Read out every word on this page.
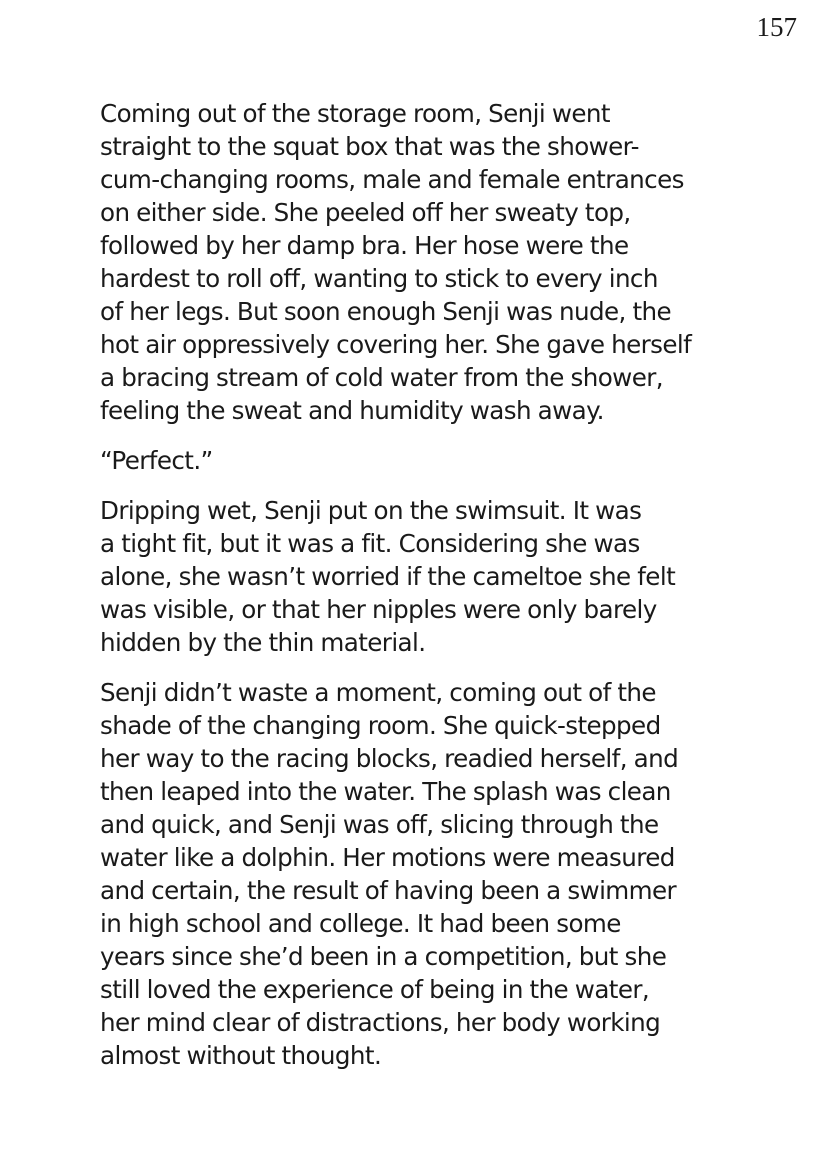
157

Coming out of the storage room, Senji went
straight to the squat box that was the shower-
cum-changing rooms, male and female entrances
on either side. She peeled off her sweaty top,
followed by her damp bra. Her hose were the
hardest to roll off, wanting to stick to every inch
of her legs. But soon enough Senji was nude, the
hot air oppressively covering her. She gave herself
a bracing stream of cold water from the shower,
feeling the sweat and humidity wash away.

“Perfect.”

Dripping wet, Senji put on the swimsuit. It was
a tight fit, but it was a fit. Considering she was
alone, she wasn’t worried if the cameltoe she felt
was visible, or that her nipples were only barely
hidden by the thin material.

Senji didn’t waste a moment, coming out of the
shade of the changing room. She quick-stepped
her way to the racing blocks, readied herself, and
then leaped into the water. The splash was clean
and quick, and Senji was off, slicing through the
water like a dolphin. Her motions were measured
and certain, the result of having been a swimmer
in high school and college. It had been some
years since she’d been in a competition, but she
still loved the experience of being in the water,
her mind clear of distractions, her body working
almost without thought.
